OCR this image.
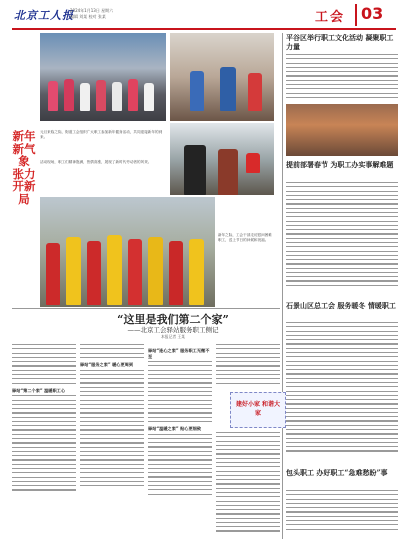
北京工人报
2024年1月13日 星期六
编辑 刘某 校对 张某	工会 03
元旦来临之际，街道工会组织广大职工参加新年健身活动，共同迎接新年的到来。
活动现场，职工们精神饱满，热情高涨，展现了新时代劳动者的风采。
新年之际，工会干部走访慰问困难职工，送上节日的问候和祝福。
新年新气象 张力开新局
“这里是我们第二个家”
——北京工会驿站服务职工侧记
本报记者 王某
驿站“第二个家” 温暖职工心
驿站“服务之家” 暖心更周到
驿站“连心之家” 服务职工无微不至
驿站“温暖之家” 贴心更细致
建好小家 和谐大家
平谷区举行职工文化活动 凝聚职工力量
提前部署春节 为职工办实事解难题
石景山区总工会 服务暖冬 情暖职工
包头职工 办好职工“急难愁盼”事
